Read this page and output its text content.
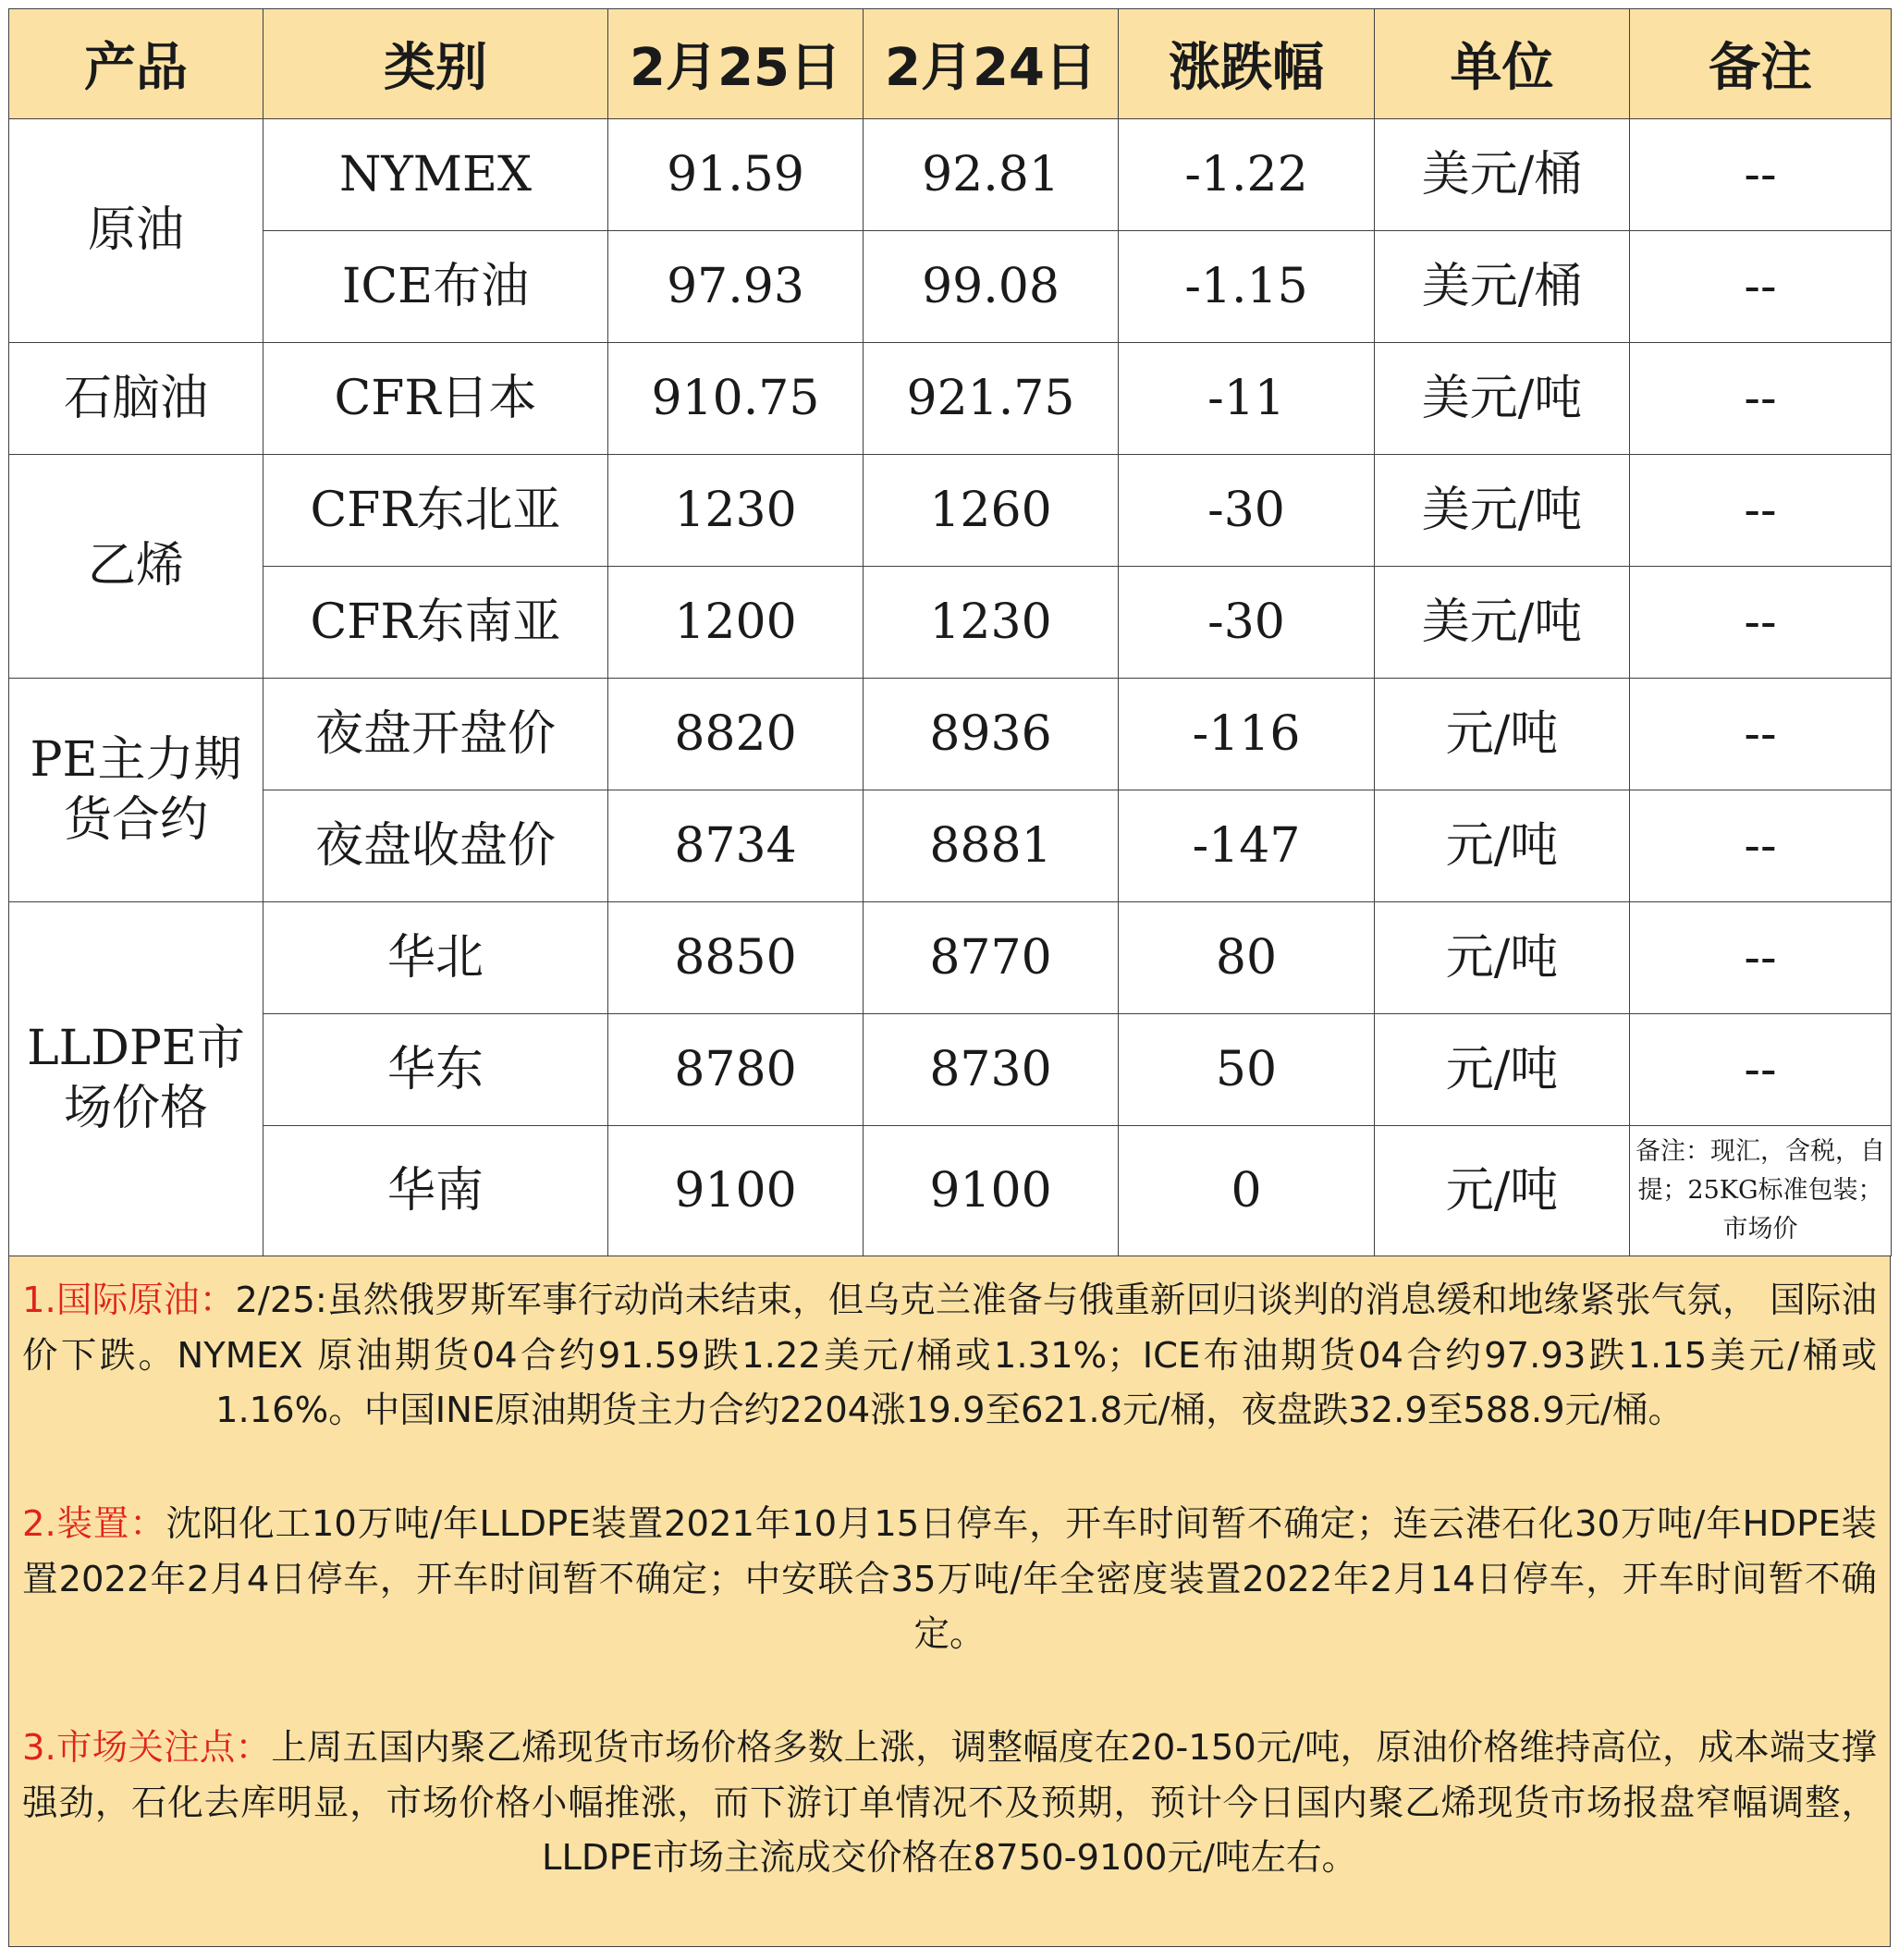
产品	类别	2月25日	2月24日	涨跌幅	单位	备注
原油	NYMEX	91.59	92.81	-1.22	美元/桶	--
	ICE布油	97.93	99.08	-1.15	美元/桶	--
石脑油	CFR日本	910.75	921.75	-11	美元/吨	--
乙烯	CFR东北亚	1230	1260	-30	美元/吨	--
	CFR东南亚	1200	1230	-30	美元/吨	--
PE主力期货合约	夜盘开盘价	8820	8936	-116	元/吨	--
	夜盘收盘价	8734	8881	-147	元/吨	--
LLDPE市场价格	华北	8850	8770	80	元/吨	--
	华东	8780	8730	50	元/吨	--
	华南	9100	9100	0	元/吨	备注：现汇，含税，自提；25KG标准包装；市场价

1.国际原油：2/25:虽然俄罗斯军事行动尚未结束，但乌克兰准备与俄重新回归谈判的消息缓和地缘紧张气氛， 国际油价下跌。NYMEX 原油期货04合约91.59跌1.22美元/桶或1.31%；ICE布油期货04合约97.93跌1.15美元/桶或1.16%。中国INE原油期货主力合约2204涨19.9至621.8元/桶，夜盘跌32.9至588.9元/桶。

2.装置：沈阳化工10万吨/年LLDPE装置2021年10月15日停车，开车时间暂不确定；连云港石化30万吨/年HDPE装置2022年2月4日停车，开车时间暂不确定；中安联合35万吨/年全密度装置2022年2月14日停车，开车时间暂不确定。

3.市场关注点：上周五国内聚乙烯现货市场价格多数上涨，调整幅度在20-150元/吨，原油价格维持高位，成本端支撑强劲，石化去库明显，市场价格小幅推涨，而下游订单情况不及预期，预计今日国内聚乙烯现货市场报盘窄幅调整，LLDPE市场主流成交价格在8750-9100元/吨左右。
